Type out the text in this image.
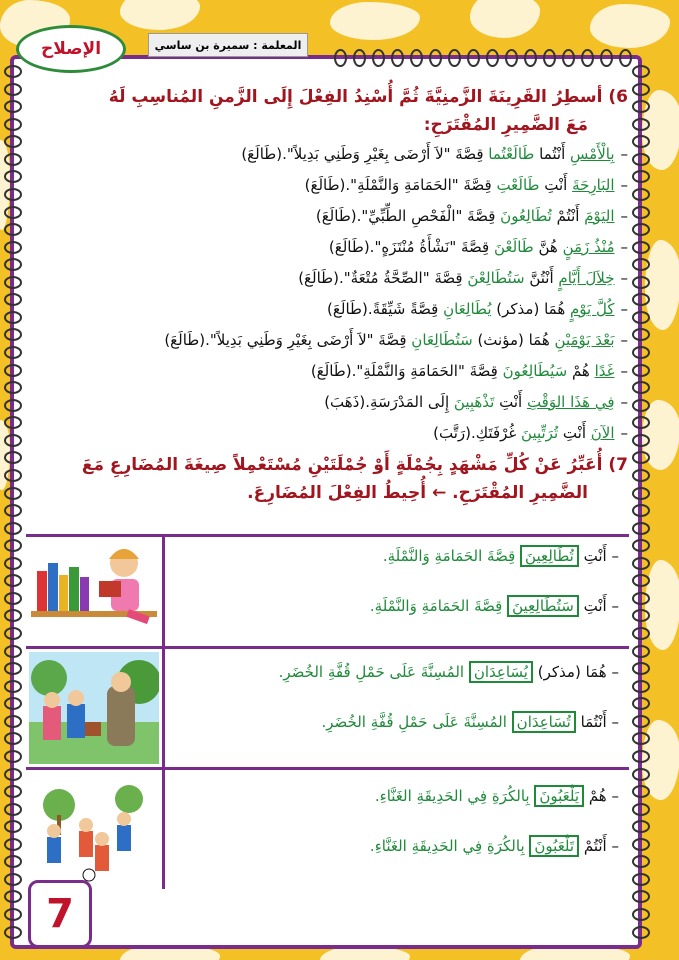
6) أسطِرُ القَرِينَةَ الزَّمنِيَّةَ ثُمَّ أُسْنِدُ الفِعْلَ إِلَى الزَّمنِ المُناسِبِ لَهُ
مَعَ الضَّمِيرِ المُقْتَرَحِ:
–بِالْأَمْسِ أَنْتُما طَالَعْتُما قِصَّةَ "لاَ أَرْضَى بِغَيْرِ وَطَنِي بَدِيلاً".(طَالَعَ)
–البَارِحَةَ أَنْتِ طَالَعْتِ قِصَّةَ "الحَمَامَةِ وَالنَّمْلَةِ".(طَالَعَ)
–اليَوْمَ أَنْتُمْ تُطَالِعُونَ قِصَّةَ "الْفَحْصِ الطِّبِّيِّ".(طَالَعَ)
–مُنْذُ زَمَنٍ هُنَّ طَالَعْنَ قِصَّةَ "نَشْأَةُ مُنْتَزَهٍ".(طَالَعَ)
–خِلاَلَ أَيَّامٍ أَنْتُنَّ سَتُطَالِعْنَ قِصَّةَ "الصِّحَّةُ مُتْعَةٌ".(طَالَعَ)
–كُلَّ يَوْمٍ هُمَا (مذكر) يُطَالِعَانِ قِصَّةً شَيِّقَةً.(طَالَعَ)
–بَعْدَ يَوْمَيْنِ هُمَا (مؤنث) سَتُطَالِعَانِ قِصَّةَ "لاَ أَرْضَى بِغَيْرِ وَطَنِي بَدِيلاً".(طَالَعَ)
–غَدًا هُمْ سَيُطَالِعُونَ قِصَّةَ "الحَمَامَةِ وَالنَّمْلَةِ".(طَالَعَ)
–فِي هَذَا الوَقْتِ أَنْتِ تَذْهَبِينَ إِلَى المَدْرَسَةِ.(ذَهَبَ)
–الآنَ أَنْتِ تُرَتِّبِينَ غُرْفَتَكِ.(رَتَّبَ)
7) أُعَبِّرُ عَنْ كُلِّ مَشْهَدٍ بِجُمْلَةٍ أَوْ جُمْلَتَيْنِ مُسْتَعْمِلاً صِيغَةَ المُضَارِعِ مَعَ
الضَّمِيرِ المُقْتَرَحِ. ← أُحِيطُ الفِعْلَ المُضَارِعَ.
الإصلاح	المعلمة : سميرة بن ساسي
– أَنْتِ تُطَالِعِينَ قِصَّةَ الحَمَامَةِ وَالنَّمْلَةِ.
– أَنْتِ سَتُطَالِعِينَ قِصَّةَ الحَمَامَةِ وَالنَّمْلَةِ.
– هُمَا (مذكر) يُسَاعِدَانِ المُسِنَّةَ عَلَى حَمْلِ قُفَّةِ الخُضَرِ.
– أَنْتُمَا تُسَاعِدَانِ المُسِنَّةَ عَلَى حَمْلِ قُفَّةِ الخُضَرِ.
– هُمْ يَلْعَبُونَ بِالكُرَةِ فِي الحَدِيقَةِ الغَنَّاءِ.
– أَنْتُمْ تَلْعَبُونَ بِالكُرَةِ فِي الحَدِيقَةِ الغَنَّاءِ.
7
